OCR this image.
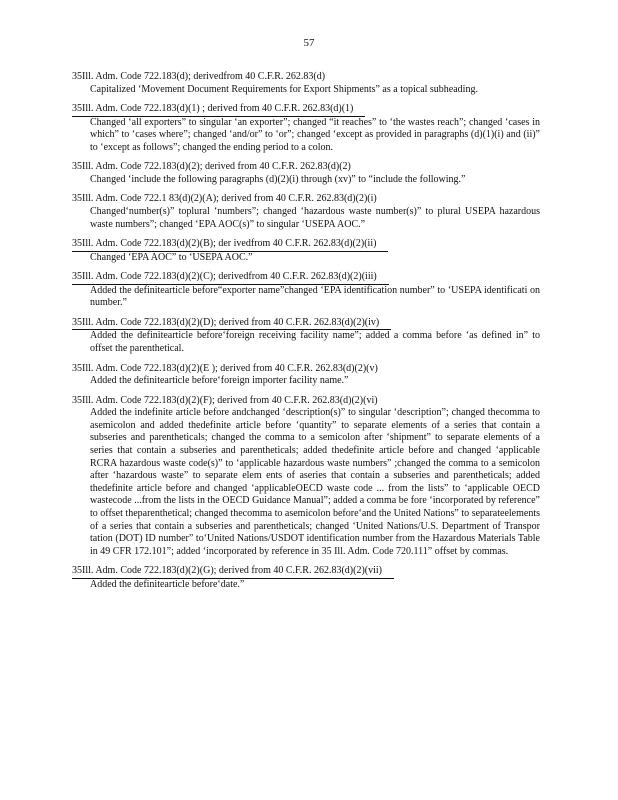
57
35Ill. Adm. Code 722.183(d); derivedfrom 40 C.F.R. 262.83(d)
Capitalized ‘Movement Document Requirements for Export Shipments” as a topical subheading.
35Ill. Adm. Code 722.183(d)(1) ; derived from 40 C.F.R. 262.83(d)(1)
Changed ‘all exporters” to singular ‘an exporter”; changed “it reaches” to ‘the wastes reach”; changed ‘cases in which” to ‘cases where”; changed ‘and/or” to ‘or”; changed ‘except as provided in paragraphs (d)(1)(i) and (ii)” to ‘except as follows”; changed the ending period to a colon.
35Ill. Adm. Code 722.183(d)(2); derived from 40 C.F.R. 262.83(d)(2)
Changed ‘include the following paragraphs (d)(2)(i) through (xv)” to “include the following.”
35Ill. Adm. Code 722.1 83(d)(2)(A); derived from 40 C.F.R. 262.83(d)(2)(i)
Changed‘number(s)” toplural ‘numbers”; changed ‘hazardous waste number(s)” to plural USEPA hazardous waste numbers”; changed ‘EPA AOC(s)” to singular ‘USEPA AOC.”
35Ill. Adm. Code 722.183(d)(2)(B); der ivedfrom 40 C.F.R. 262.83(d)(2)(ii)
Changed ‘EPA AOC” to ‘USEPA AOC.”
35Ill. Adm. Code 722.183(d)(2)(C); derivedfrom 40 C.F.R. 262.83(d)(2)(iii)
Added the definitearticle before“exporter name”changed ‘EPA identification number” to ‘USEPA identificati on number.”
35Ill. Adm. Code 722.183(d)(2)(D); derived from 40 C.F.R. 262.83(d)(2)(iv)
Added the definitearticle before‘foreign receiving facility name”; added a comma before ‘as defined in” to offset the parenthetical.
35Ill. Adm. Code 722.183(d)(2)(E ); derived from 40 C.F.R. 262.83(d)(2)(v)
Added the definitearticle before‘foreign importer facility name.”
35Ill. Adm. Code 722.183(d)(2)(F); derived from 40 C.F.R. 262.83(d)(2)(vi)
Added the indefinite article before andchanged ‘description(s)” to singular ‘description”; changed thecomma to asemicolon and added thedefinite article before ‘quantity” to separate elements of a series that contain a subseries and parentheticals; changed the comma to a semicolon after ‘shipment” to separate elements of a series that contain a subseries and parentheticals; added thedefinite article before and changed ‘applicable RCRA hazardous waste code(s)” to ‘applicable hazardous waste numbers” ;changed the comma to a semicolon after ‘hazardous waste” to separate elem ents of aseries that contain a subseries and parentheticals; added thedefinite article before and changed ‘applicableOECD waste code ... from the lists” to ‘applicable OECD wastecode ...from the lists in the OECD Guidance Manual”; added a comma be fore ‘incorporated by reference” to offset theparenthetical; changed thecomma to asemicolon before‘and the United Nations” to separateelements of a series that contain a subseries and parentheticals; changed ‘United Nations/U.S. Department of Transpor tation (DOT) ID number” to‘United Nations/USDOT identification number from the Hazardous Materials Table in 49 CFR 172.101”; added ‘incorporated by reference in 35 Ill. Adm. Code 720.111” offset by commas.
35Ill. Adm. Code 722.183(d)(2)(G); derived from 40 C.F.R. 262.83(d)(2)(vii)
Added the definitearticle before‘date.”
